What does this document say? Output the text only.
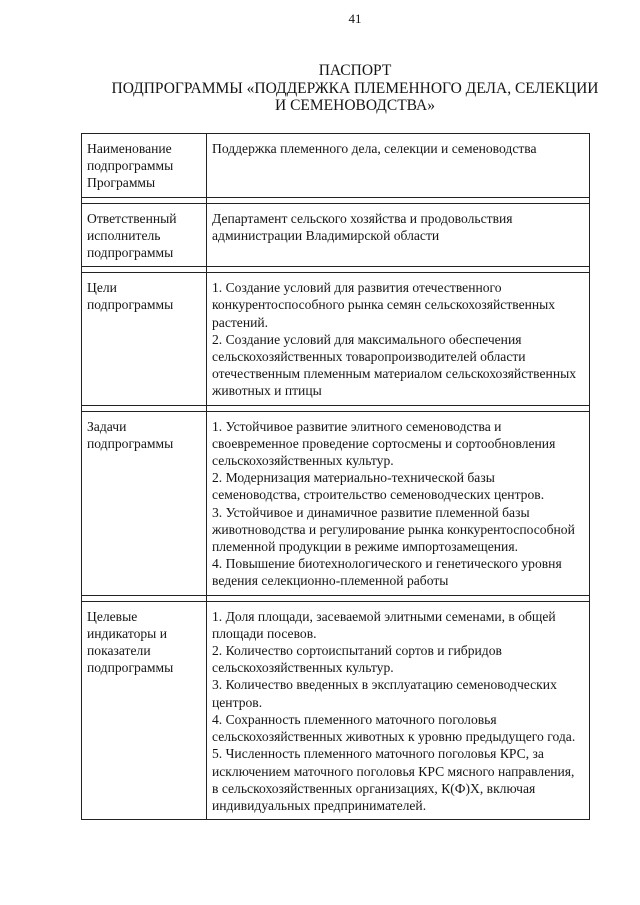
41
ПАСПОРТ
ПОДПРОГРАММЫ «ПОДДЕРЖКА ПЛЕМЕННОГО ДЕЛА, СЕЛЕКЦИИ
И СЕМЕНОВОДСТВА»
Наименование подпрограммы Программы	Поддержка племенного дела, селекции и семеноводства

Ответственный исполнитель подпрограммы	Департамент сельского хозяйства и продовольствия администрации Владимирской области

Цели подпрограммы	1. Создание условий для развития отечественного конкурентоспособного рынка семян сельскохозяйственных растений.
2. Создание условий для максимального обеспечения сельскохозяйственных товаропроизводителей области отечественным племенным материалом сельскохозяйственных животных и птицы

Задачи подпрограммы	1. Устойчивое развитие элитного семеноводства и своевременное проведение сортосмены и сортообновления сельскохозяйственных культур.
2. Модернизация материально-технической базы семеноводства, строительство семеноводческих центров.
3. Устойчивое и динамичное развитие племенной базы животноводства и регулирование рынка конкурентоспособной племенной продукции в режиме импортозамещения.
4. Повышение биотехнологического и генетического уровня ведения селекционно-племенной работы

Целевые индикаторы и показатели подпрограммы	1. Доля площади, засеваемой элитными семенами, в общей площади посевов.
2. Количество сортоиспытаний сортов и гибридов сельскохозяйственных культур.
3. Количество введенных в эксплуатацию семеноводческих центров.
4. Сохранность племенного маточного поголовья сельскохозяйственных животных к уровню предыдущего года.
5. Численность племенного маточного поголовья КРС, за исключением маточного поголовья КРС мясного направления, в сельскохозяйственных организациях, К(Ф)Х, включая индивидуальных предпринимателей.
